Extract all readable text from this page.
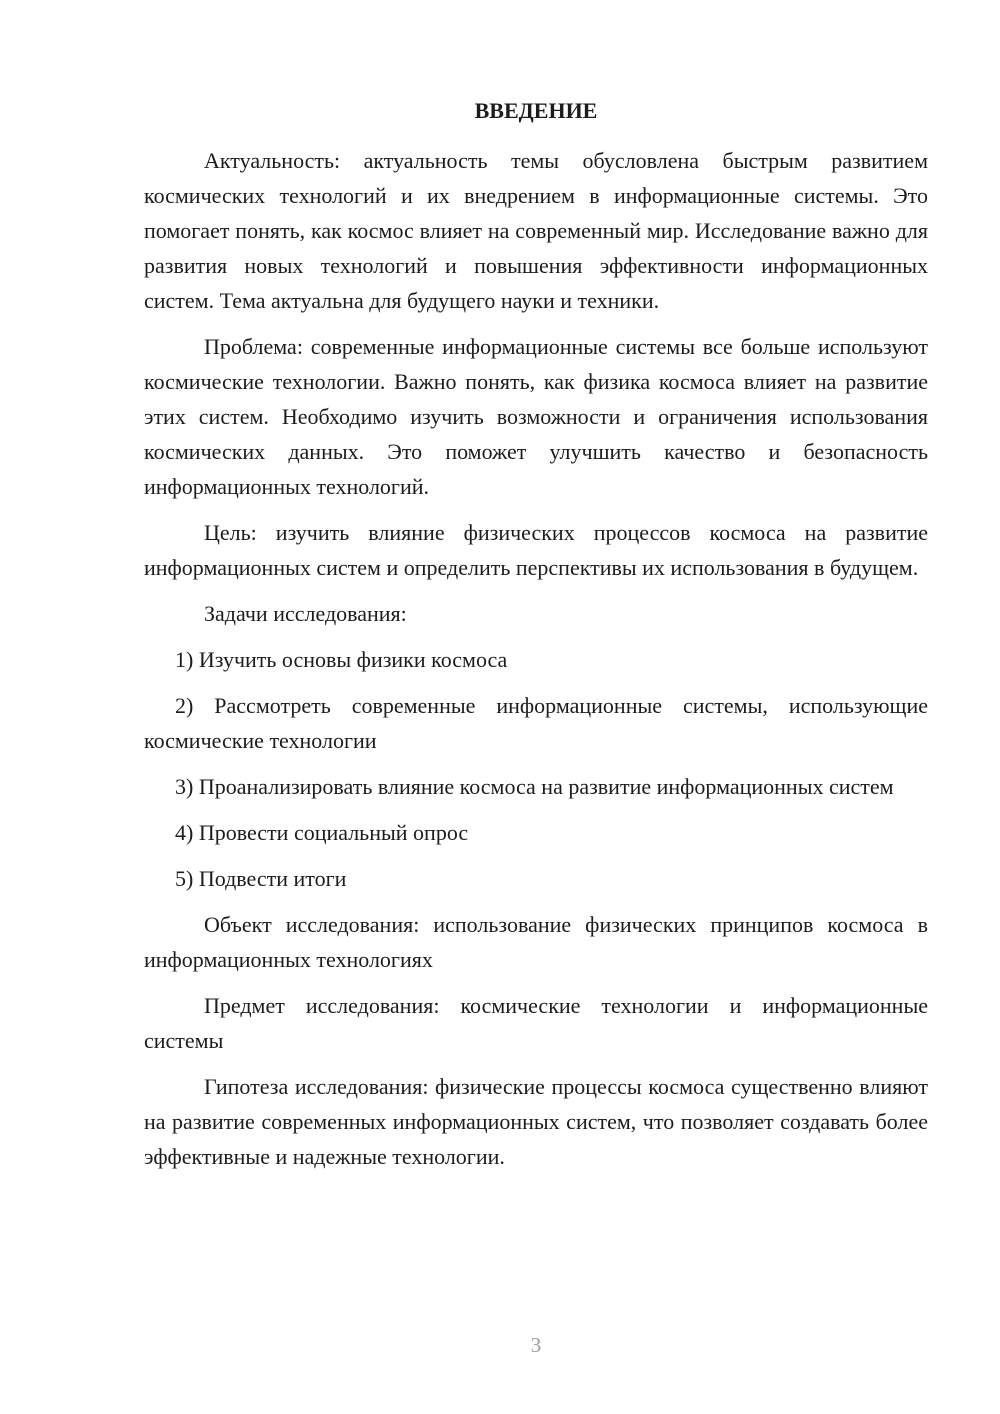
ВВЕДЕНИЕ

Актуальность: актуальность темы обусловлена быстрым развитием космических технологий и их внедрением в информационные системы. Это помогает понять, как космос влияет на современный мир. Исследование важно для развития новых технологий и повышения эффективности информационных систем. Тема актуальна для будущего науки и техники.

Проблема: современные информационные системы все больше используют космические технологии. Важно понять, как физика космоса влияет на развитие этих систем. Необходимо изучить возможности и ограничения использования космических данных. Это поможет улучшить качество и безопасность информационных технологий.

Цель: изучить влияние физических процессов космоса на развитие информационных систем и определить перспективы их использования в будущем.

Задачи исследования:

1) Изучить основы физики космоса

2) Рассмотреть современные информационные системы, использующие космические технологии

3) Проанализировать влияние космоса на развитие информационных систем

4) Провести социальный опрос

5) Подвести итоги

Объект исследования: использование физических принципов космоса в информационных технологиях

Предмет исследования: космические технологии и информационные системы

Гипотеза исследования: физические процессы космоса существенно влияют на развитие современных информационных систем, что позволяет создавать более эффективные и надежные технологии.

3
